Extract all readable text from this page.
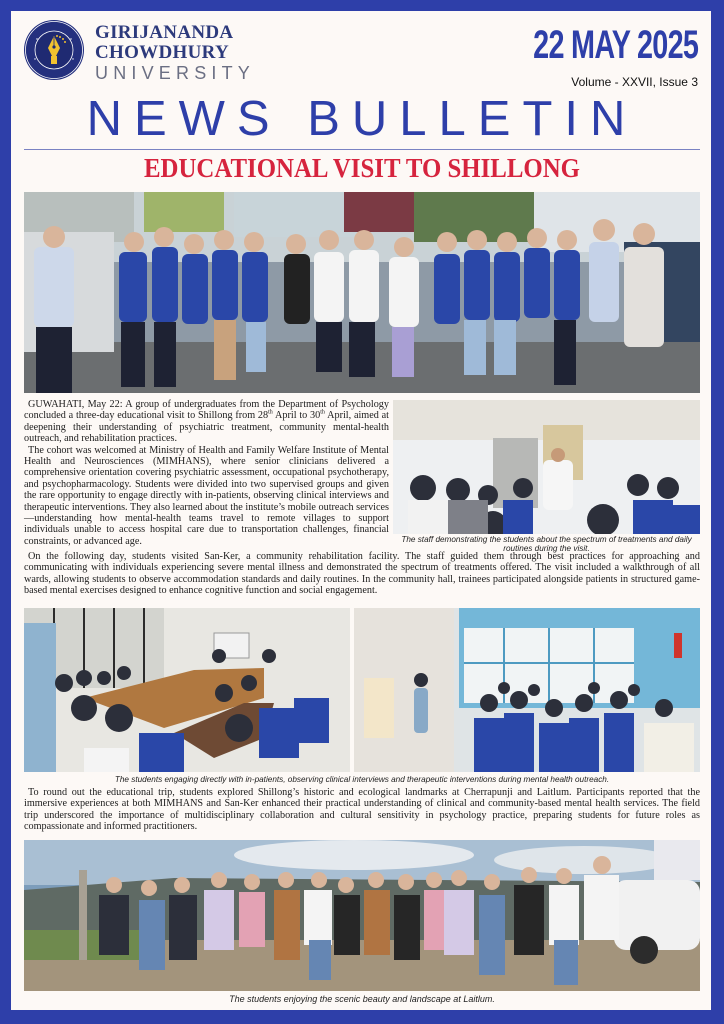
GIRIJANANDA
CHOWDHURY
UNIVERSITY
22 MAY 2025
Volume - XXVII, Issue 3
NEWS BULLETIN
EDUCATIONAL VISIT TO SHILLONG

GUWAHATI, May 22: A group of undergraduates from the Department of Psychology concluded a three-day educational visit to Shillong from 28th April to 30th April, aimed at deepening their understanding of psychiatric treatment, community mental-health outreach, and rehabilitation practices.

The cohort was welcomed at Ministry of Health and Family Welfare Institute of Mental Health and Neurosciences (MIMHANS), where senior clinicians delivered a comprehensive orientation covering psychiatric assessment, occupational psychotherapy, and psychopharmacology. Students were divided into two supervised groups and given the rare opportunity to engage directly with in-patients, observing clinical interviews and therapeutic interventions. They also learned about the institute’s mobile outreach services—understanding how mental-health teams travel to remote villages to support individuals unable to access hospital care due to transportation challenges, financial constraints, or advanced age.	The staff demonstrating the students about the spectrum of treatments and daily routines during the visit.

On the following day, students visited San-Ker, a community rehabilitation facility. The staff guided them through best practices for approaching and communicating with individuals experiencing severe mental illness and demonstrated the spectrum of treatments offered. The visit included a walkthrough of all wards, allowing students to observe accommodation standards and daily routines. In the community hall, trainees participated alongside patients in structured game-based mental exercises designed to enhance cognitive function and social engagement.

The students engaging directly with in-patients, observing clinical interviews and therapeutic interventions during mental health outreach.

To round out the educational trip, students explored Shillong’s historic and ecological landmarks at Cherrapunji and Laitlum. Participants reported that the immersive experiences at both MIMHANS and San-Ker enhanced their practical understanding of clinical and community-based mental health services. The field trip underscored the importance of multidisciplinary collaboration and cultural sensitivity in psychology practice, preparing students for future roles as compassionate and informed practitioners.

The students enjoying the scenic beauty and landscape at Laitlum.
